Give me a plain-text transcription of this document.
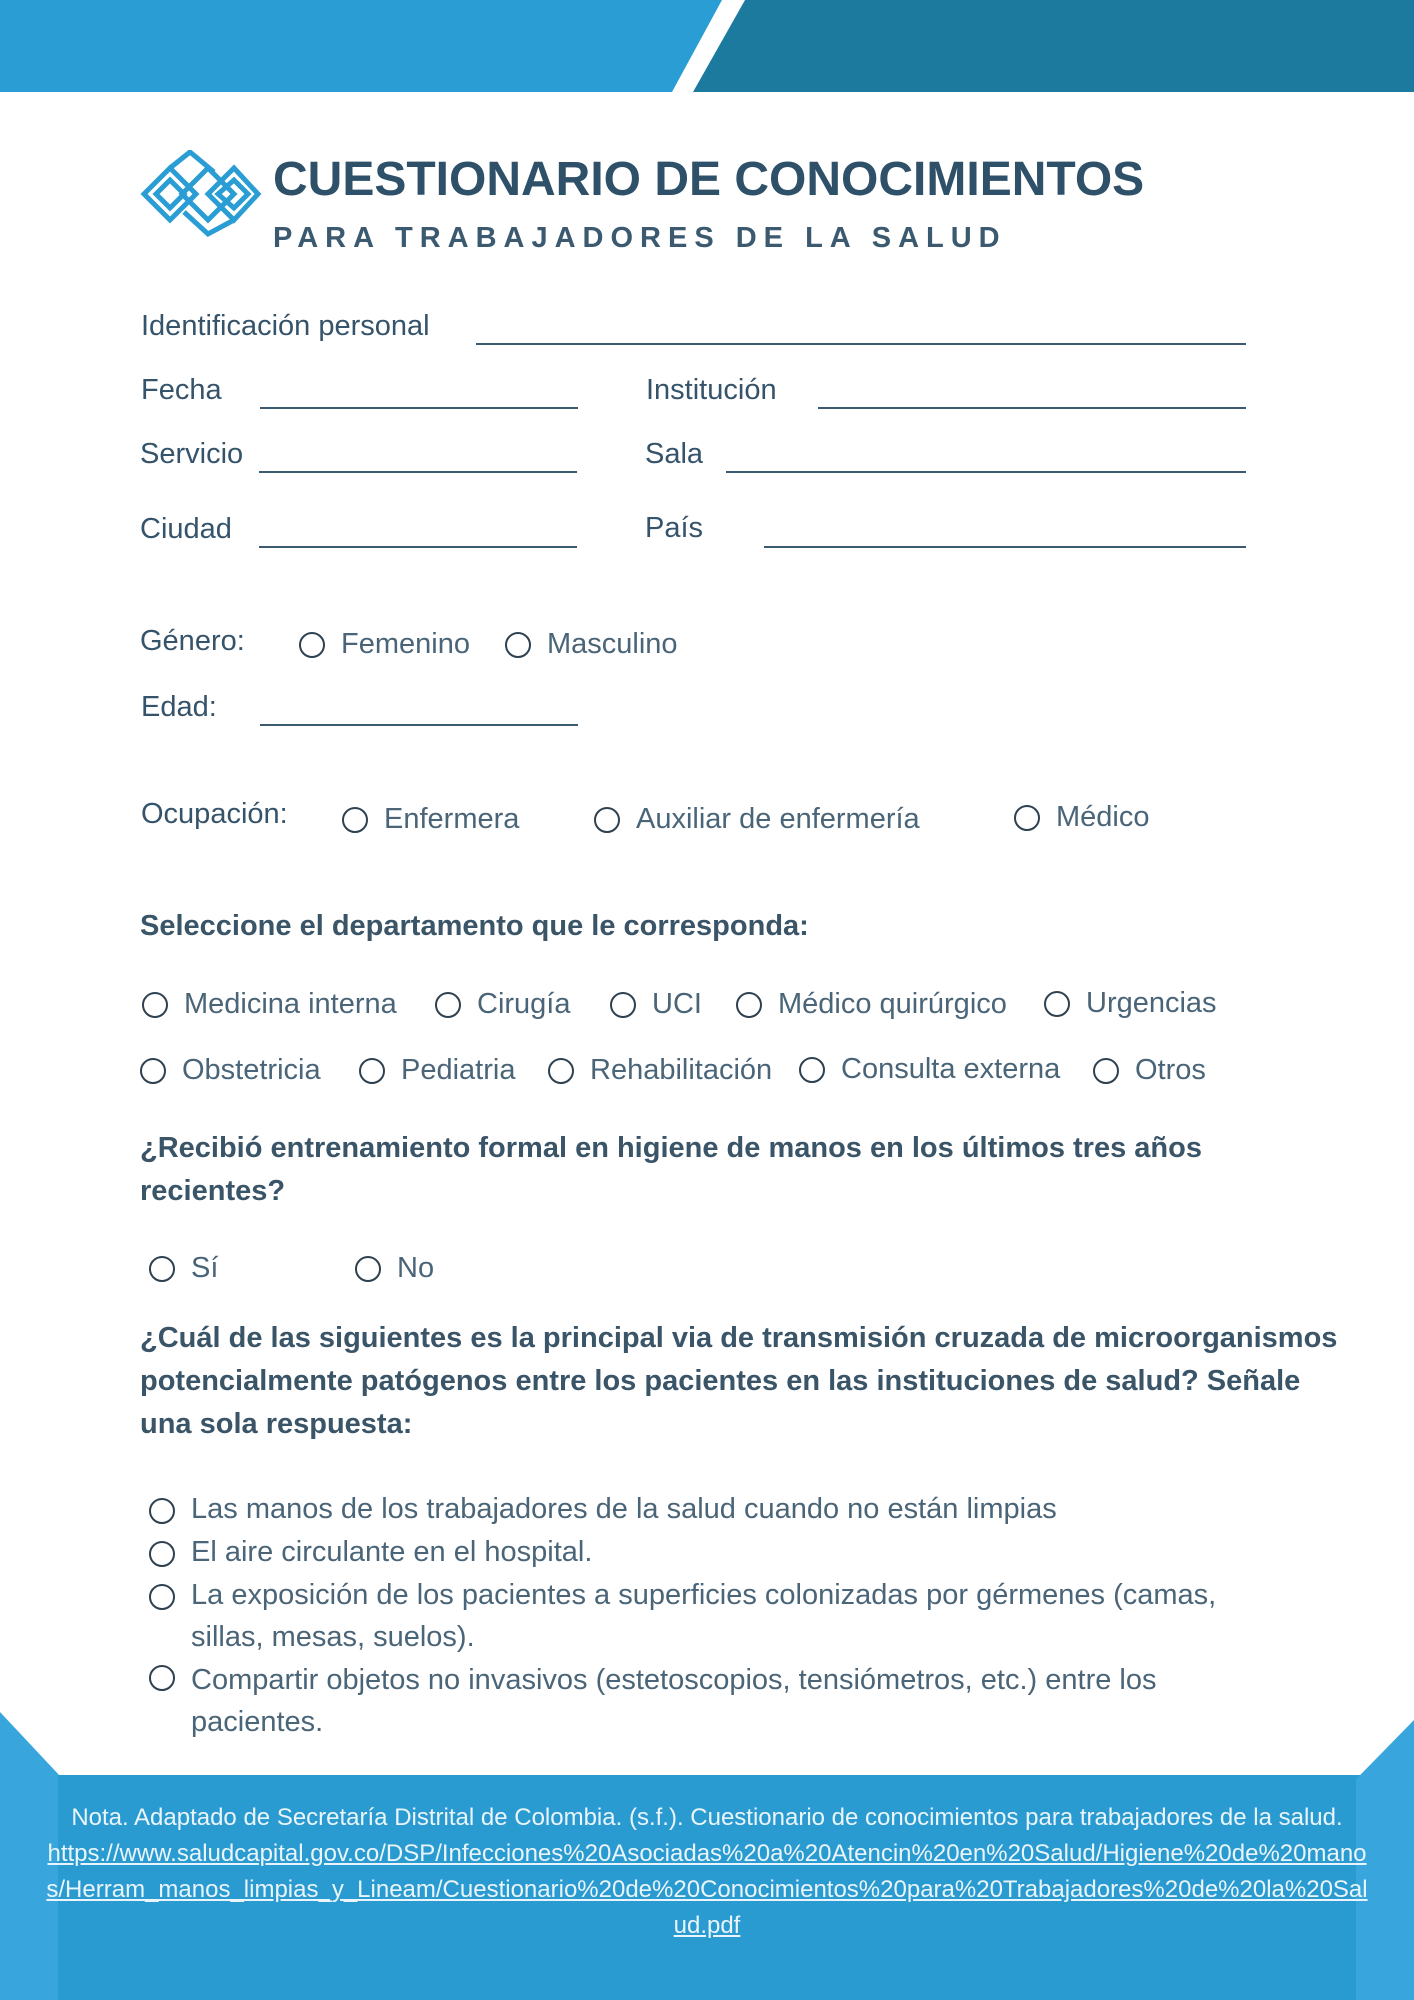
CUESTIONARIO DE CONOCIMIENTOS
PARA TRABAJADORES DE LA SALUD
Identificación personal
Fecha	Institución
Servicio	Sala
Ciudad	País
Género:	Femenino	Masculino
Edad:
Ocupación:	Enfermera	Auxiliar de enfermería	Médico
Seleccione el departamento que le corresponda:
Medicina interna	Cirugía	UCI	Médico quirúrgico	Urgencias
Obstetricia	Pediatria	Rehabilitación Consulta externa	Otros
¿Recibió entrenamiento formal en higiene de manos en los últimos tres años recientes?
Sí	No
¿Cuál de las siguientes es la principal via de transmisión cruzada de microorganismos potencialmente patógenos entre los pacientes en las instituciones de salud? Señale una sola respuesta:
Las manos de los trabajadores de la salud cuando no están limpias
El aire circulante en el hospital.
La exposición de los pacientes a superficies colonizadas por gérmenes (camas, sillas, mesas, suelos).
Compartir objetos no invasivos (estetoscopios, tensiómetros, etc.) entre los pacientes.
Nota. Adaptado de Secretaría Distrital de Colombia. (s.f.). Cuestionario de conocimientos para trabajadores de la salud.
https://www.saludcapital.gov.co/DSP/Infecciones%20Asociadas%20a%20Atencin%20en%20Salud/Higiene%20de%20manos/Herram_manos_limpias_y_Lineam/Cuestionario%20de%20Conocimientos%20para%20Trabajadores%20de%20la%20Salud.pdf
